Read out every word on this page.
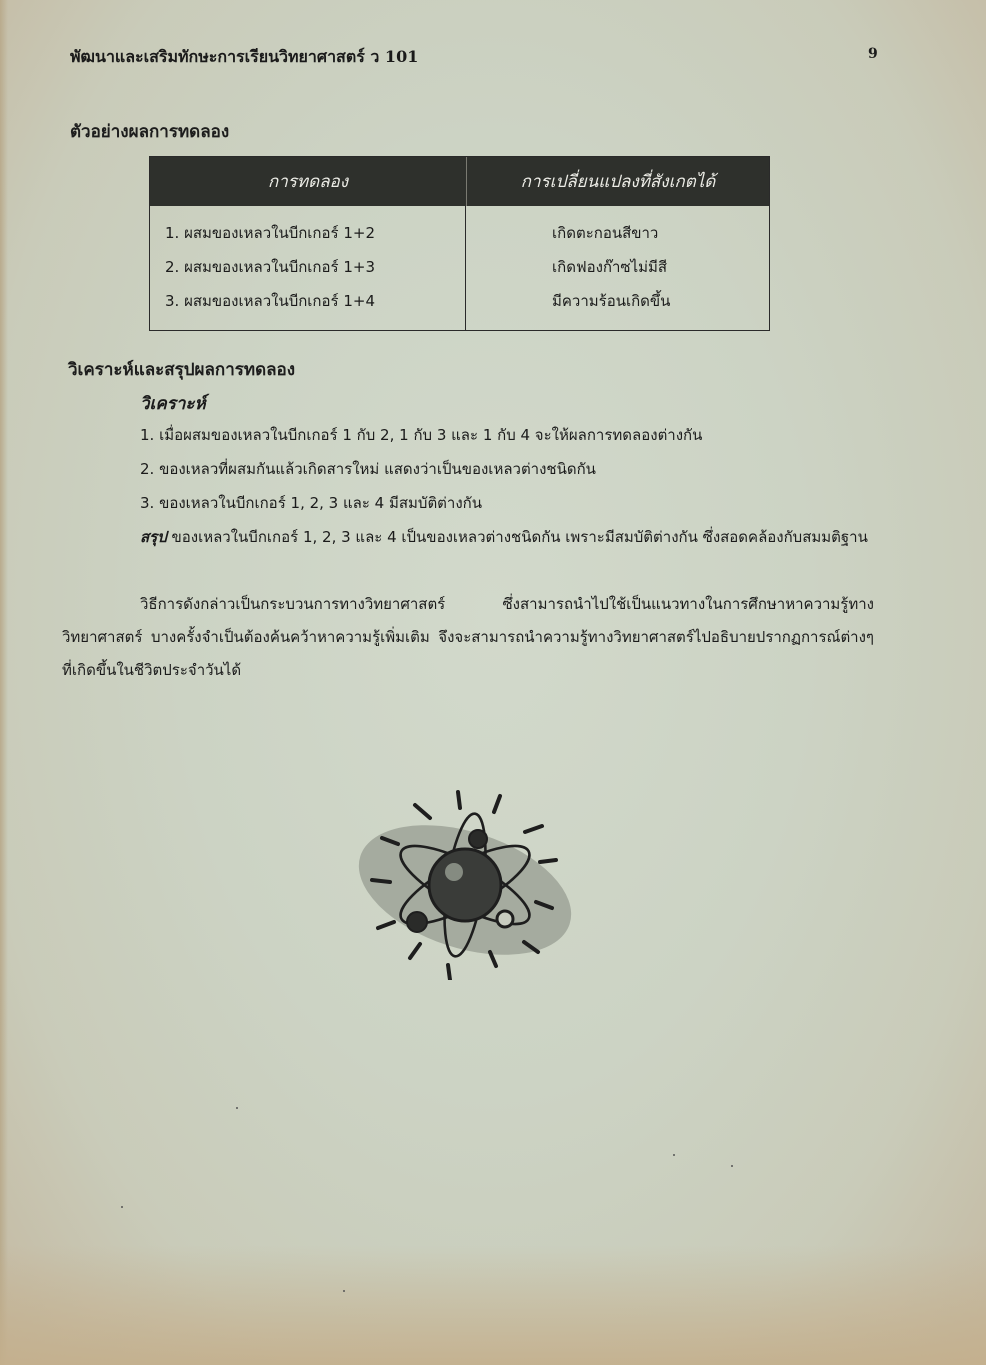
พัฒนาและเสริมทักษะการเรียนวิทยาศาสตร์ ว 101	9
ตัวอย่างผลการทดลอง
การทดลอง	การเปลี่ยนแปลงที่สังเกตได้
1. ผสมของเหลวในบีกเกอร์ 1+2
2. ผสมของเหลวในบีกเกอร์ 1+3
3. ผสมของเหลวในบีกเกอร์ 1+4
เกิดตะกอนสีขาว
เกิดฟองก๊าซไม่มีสี
มีความร้อนเกิดขึ้น
วิเคราะห์และสรุปผลการทดลอง
วิเคราะห์
1. เมื่อผสมของเหลวในบีกเกอร์ 1 กับ 2, 1 กับ 3 และ 1 กับ 4 จะให้ผลการทดลองต่างกัน
2. ของเหลวที่ผสมกันแล้วเกิดสารใหม่ แสดงว่าเป็นของเหลวต่างชนิดกัน
3. ของเหลวในบีกเกอร์ 1, 2, 3 และ 4 มีสมบัติต่างกัน
สรุป ของเหลวในบีกเกอร์ 1, 2, 3 และ 4 เป็นของเหลวต่างชนิดกัน เพราะมีสมบัติต่างกัน ซึ่งสอดคล้องกับสมมติฐาน
วิธีการดังกล่าวเป็นกระบวนการทางวิทยาศาสตร์ ซึ่งสามารถนำไปใช้เป็นแนวทางในการศึกษาหาความรู้ทางวิทยาศาสตร์ บางครั้งจำเป็นต้องค้นคว้าหาความรู้เพิ่มเติม จึงจะสามารถนำความรู้ทางวิทยาศาสตร์ไปอธิบายปรากฏการณ์ต่างๆ ที่เกิดขึ้นในชีวิตประจำวันได้
